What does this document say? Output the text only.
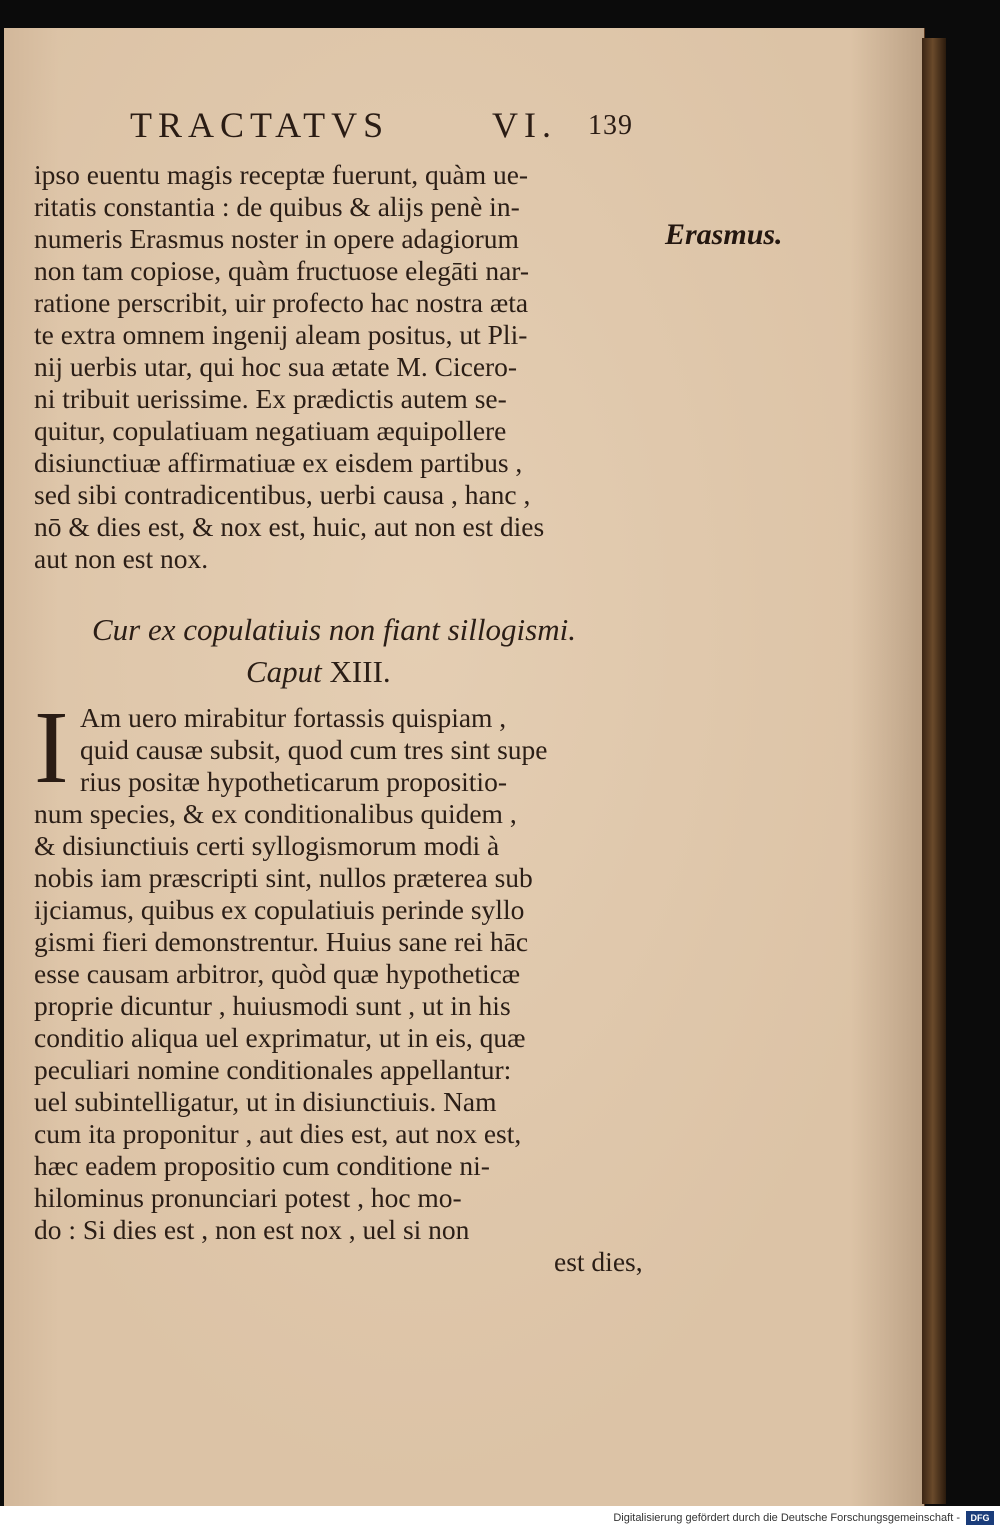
TRACTATVS	VI. 139
ipso euentu magis receptæ fuerunt, quàm ue-
ritatis constantia : de quibus & alijs penè in-
numeris Erasmus noster in opere adagiorum
non tam copiose, quàm fructuose elegāti nar-
ratione perscribit, uir profecto hac nostra æta
te extra omnem ingenij aleam positus, ut Pli-
nij uerbis utar, qui hoc sua ætate M. Cicero-
ni tribuit uerissime. Ex prædictis autem se-
quitur, copulatiuam negatiuam æquipollere
disiunctiuæ affirmatiuæ ex eisdem partibus ,
sed sibi contradicentibus, uerbi causa , hanc ,
nō & dies est, & nox est, huic, aut non est dies
aut non est nox.
Erasmus.
Cur ex copulatiuis non fiant sillogismi.
Caput XIII.
I Am uero mirabitur fortassis quispiam ,
quid causæ subsit, quod cum tres sint supe
rius positæ hypotheticarum propositio-
num species, & ex conditionalibus quidem ,
& disiunctiuis certi syllogismorum modi à
nobis iam præscripti sint, nullos præterea sub
ijciamus, quibus ex copulatiuis perinde syllo
gismi fieri demonstrentur. Huius sane rei hāc
esse causam arbitror, quòd quæ hypotheticæ
proprie dicuntur , huiusmodi sunt , ut in his
conditio aliqua uel exprimatur, ut in eis, quæ
peculiari nomine conditionales appellantur:
uel subintelligatur, ut in disiunctiuis. Nam
cum ita proponitur , aut dies est, aut nox est,
hæc eadem propositio cum conditione ni-
hilominus pronunciari potest , hoc mo-
do : Si dies est , non est nox , uel si non
est dies,
Digitalisierung gefördert durch die Deutsche Forschungsgemeinschaft -	DFG
